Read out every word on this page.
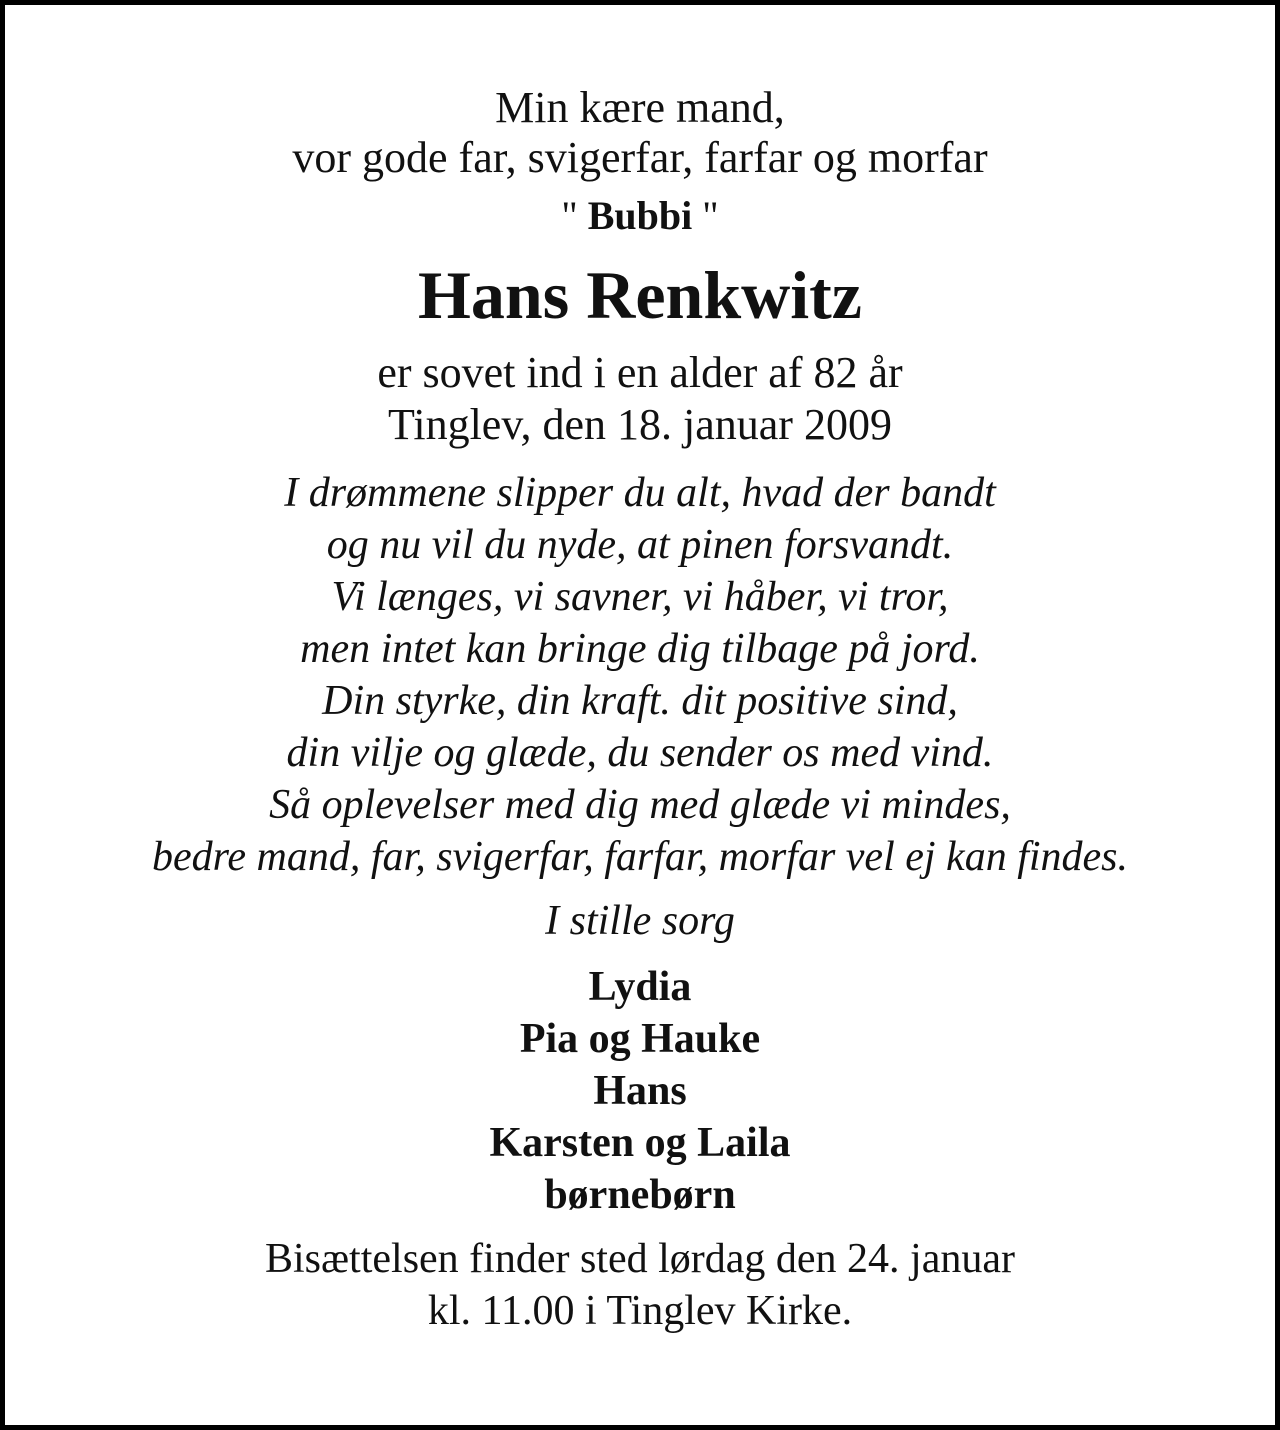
Min kære mand,
vor gode far, svigerfar, farfar og morfar
" Bubbi "
Hans Renkwitz
er sovet ind i en alder af 82 år
Tinglev, den 18. januar 2009
I drømmene slipper du alt, hvad der bandt
og nu vil du nyde, at pinen forsvandt.
Vi længes, vi savner, vi håber, vi tror,
men intet kan bringe dig tilbage på jord.
Din styrke, din kraft. dit positive sind,
din vilje og glæde, du sender os med vind.
Så oplevelser med dig med glæde vi mindes,
bedre mand, far, svigerfar, farfar, morfar vel ej kan findes.
I stille sorg
Lydia
Pia og Hauke
Hans
Karsten og Laila
børnebørn
Bisættelsen finder sted lørdag den 24. januar
kl. 11.00 i Tinglev Kirke.
